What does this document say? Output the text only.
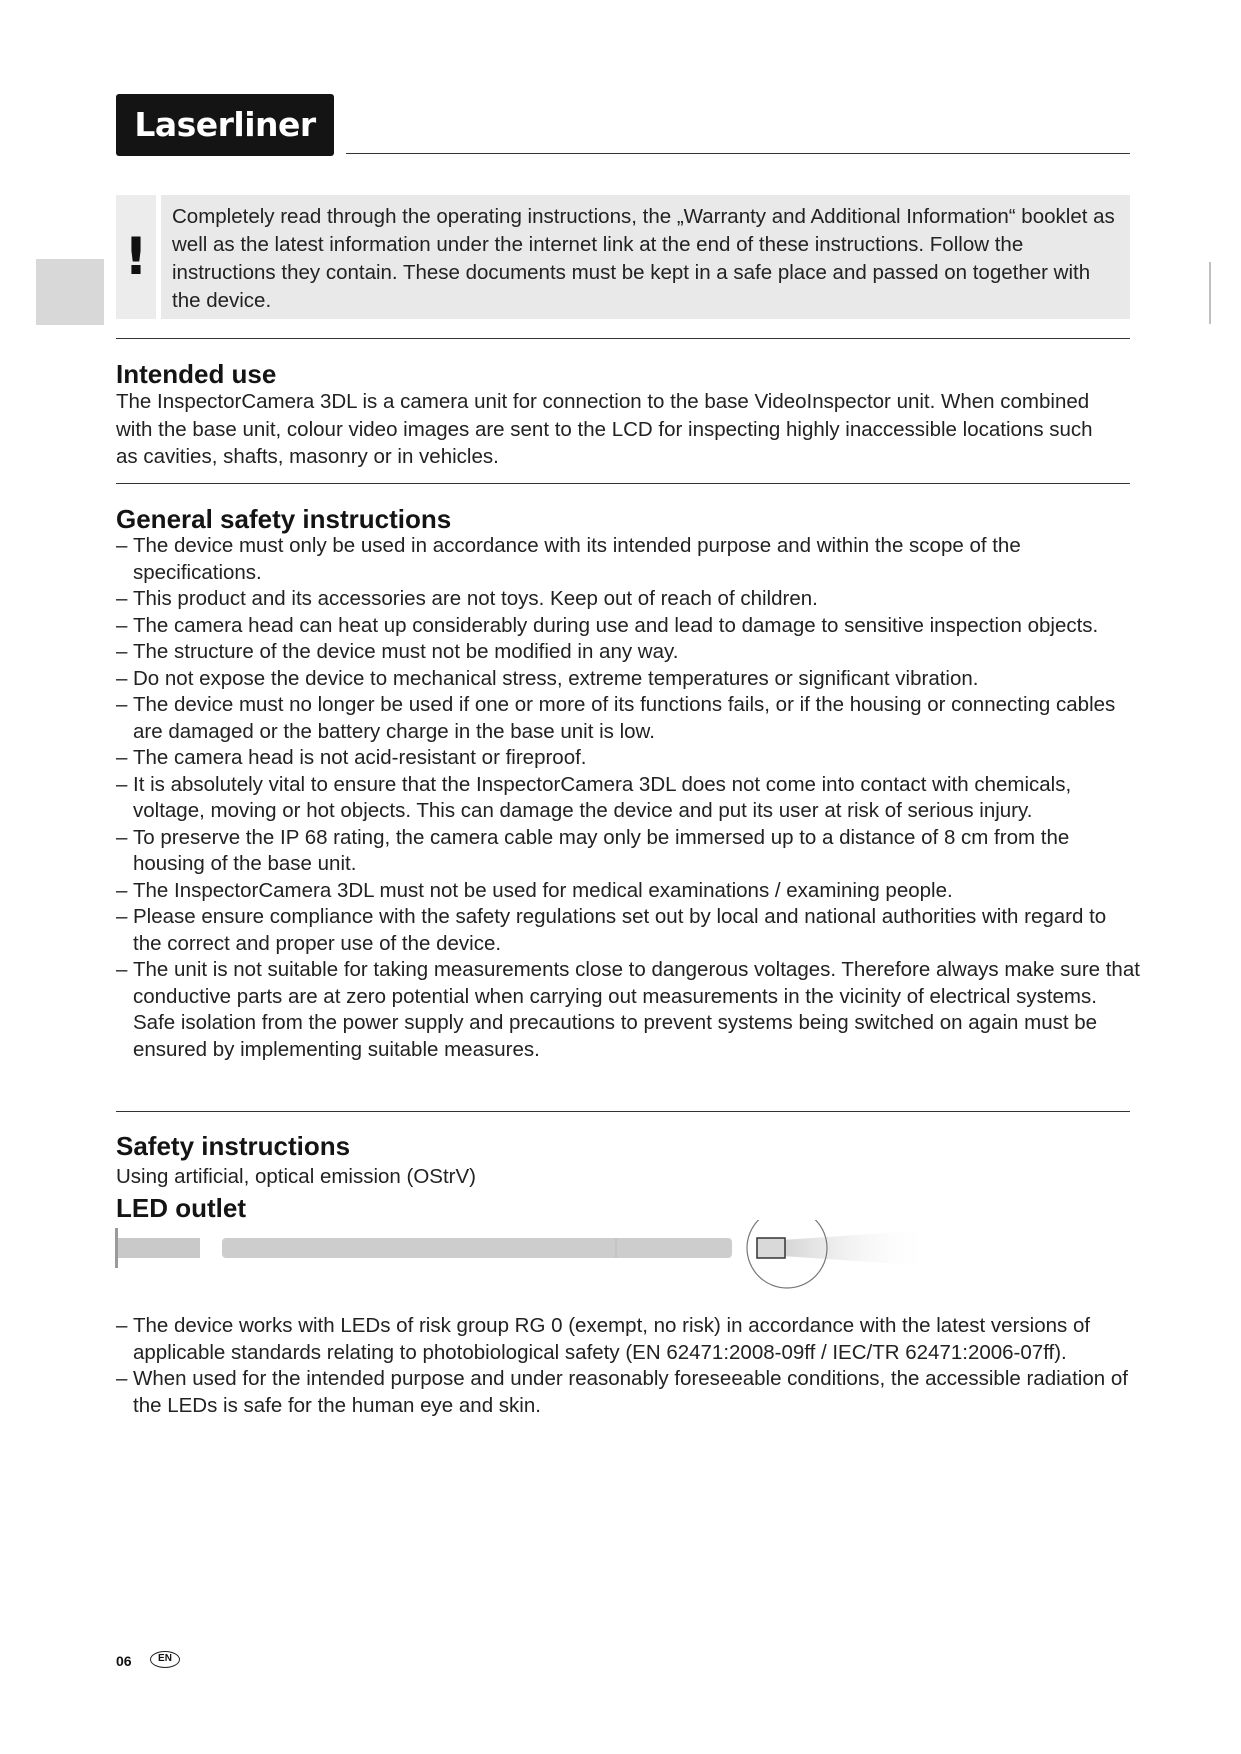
Laserliner
!
Completely read through the operating instructions, the „Warranty and Additional Information“ booklet as well as the latest information under the internet link at the end of these instructions. Follow the instructions they contain. These documents must be kept in a safe place and passed on together with the device.
Intended use

The InspectorCamera 3DL is a camera unit for connection to the base VideoInspector unit. When combined with the base unit, colour video images are sent to the LCD for inspecting highly inaccessible locations such as cavities, shafts, masonry or in vehicles.

General safety instructions
– The device must only be used in accordance with its intended purpose and within the scope of the specifications.
– This product and its accessories are not toys. Keep out of reach of children.
– The camera head can heat up considerably during use and lead to damage to sensitive inspection objects.
– The structure of the device must not be modified in any way.
– Do not expose the device to mechanical stress, extreme temperatures or significant vibration.
– The device must no longer be used if one or more of its functions fails, or if the housing or connecting cables are damaged or the battery charge in the base unit is low.
– The camera head is not acid-resistant or fireproof.
– It is absolutely vital to ensure that the InspectorCamera 3DL does not come into contact with chemicals, voltage, moving or hot objects. This can damage the device and put its user at risk of serious injury.
– To preserve the IP 68 rating, the camera cable may only be immersed up to a distance of 8 cm from the housing of the base unit.
– The InspectorCamera 3DL must not be used for medical examinations / examining people.
– Please ensure compliance with the safety regulations set out by local and national authorities with regard to the correct and proper use of the device.
– The unit is not suitable for taking measurements close to dangerous voltages. Therefore always make sure that conductive parts are at zero potential when carrying out measurements in the vicinity of electrical systems. Safe isolation from the power supply and precautions to prevent systems being switched on again must be ensured by implementing suitable measures.
Safety instructions

Using artificial, optical emission (OStrV)

LED outlet
– The device works with LEDs of risk group RG 0 (exempt, no risk) in accordance with the latest versions of applicable standards relating to photobiological safety (EN 62471:2008-09ff / IEC/TR 62471:2006-07ff).
– When used for the intended purpose and under reasonably foreseeable conditions, the accessible radiation of the LEDs is safe for the human eye and skin.
06	EN
